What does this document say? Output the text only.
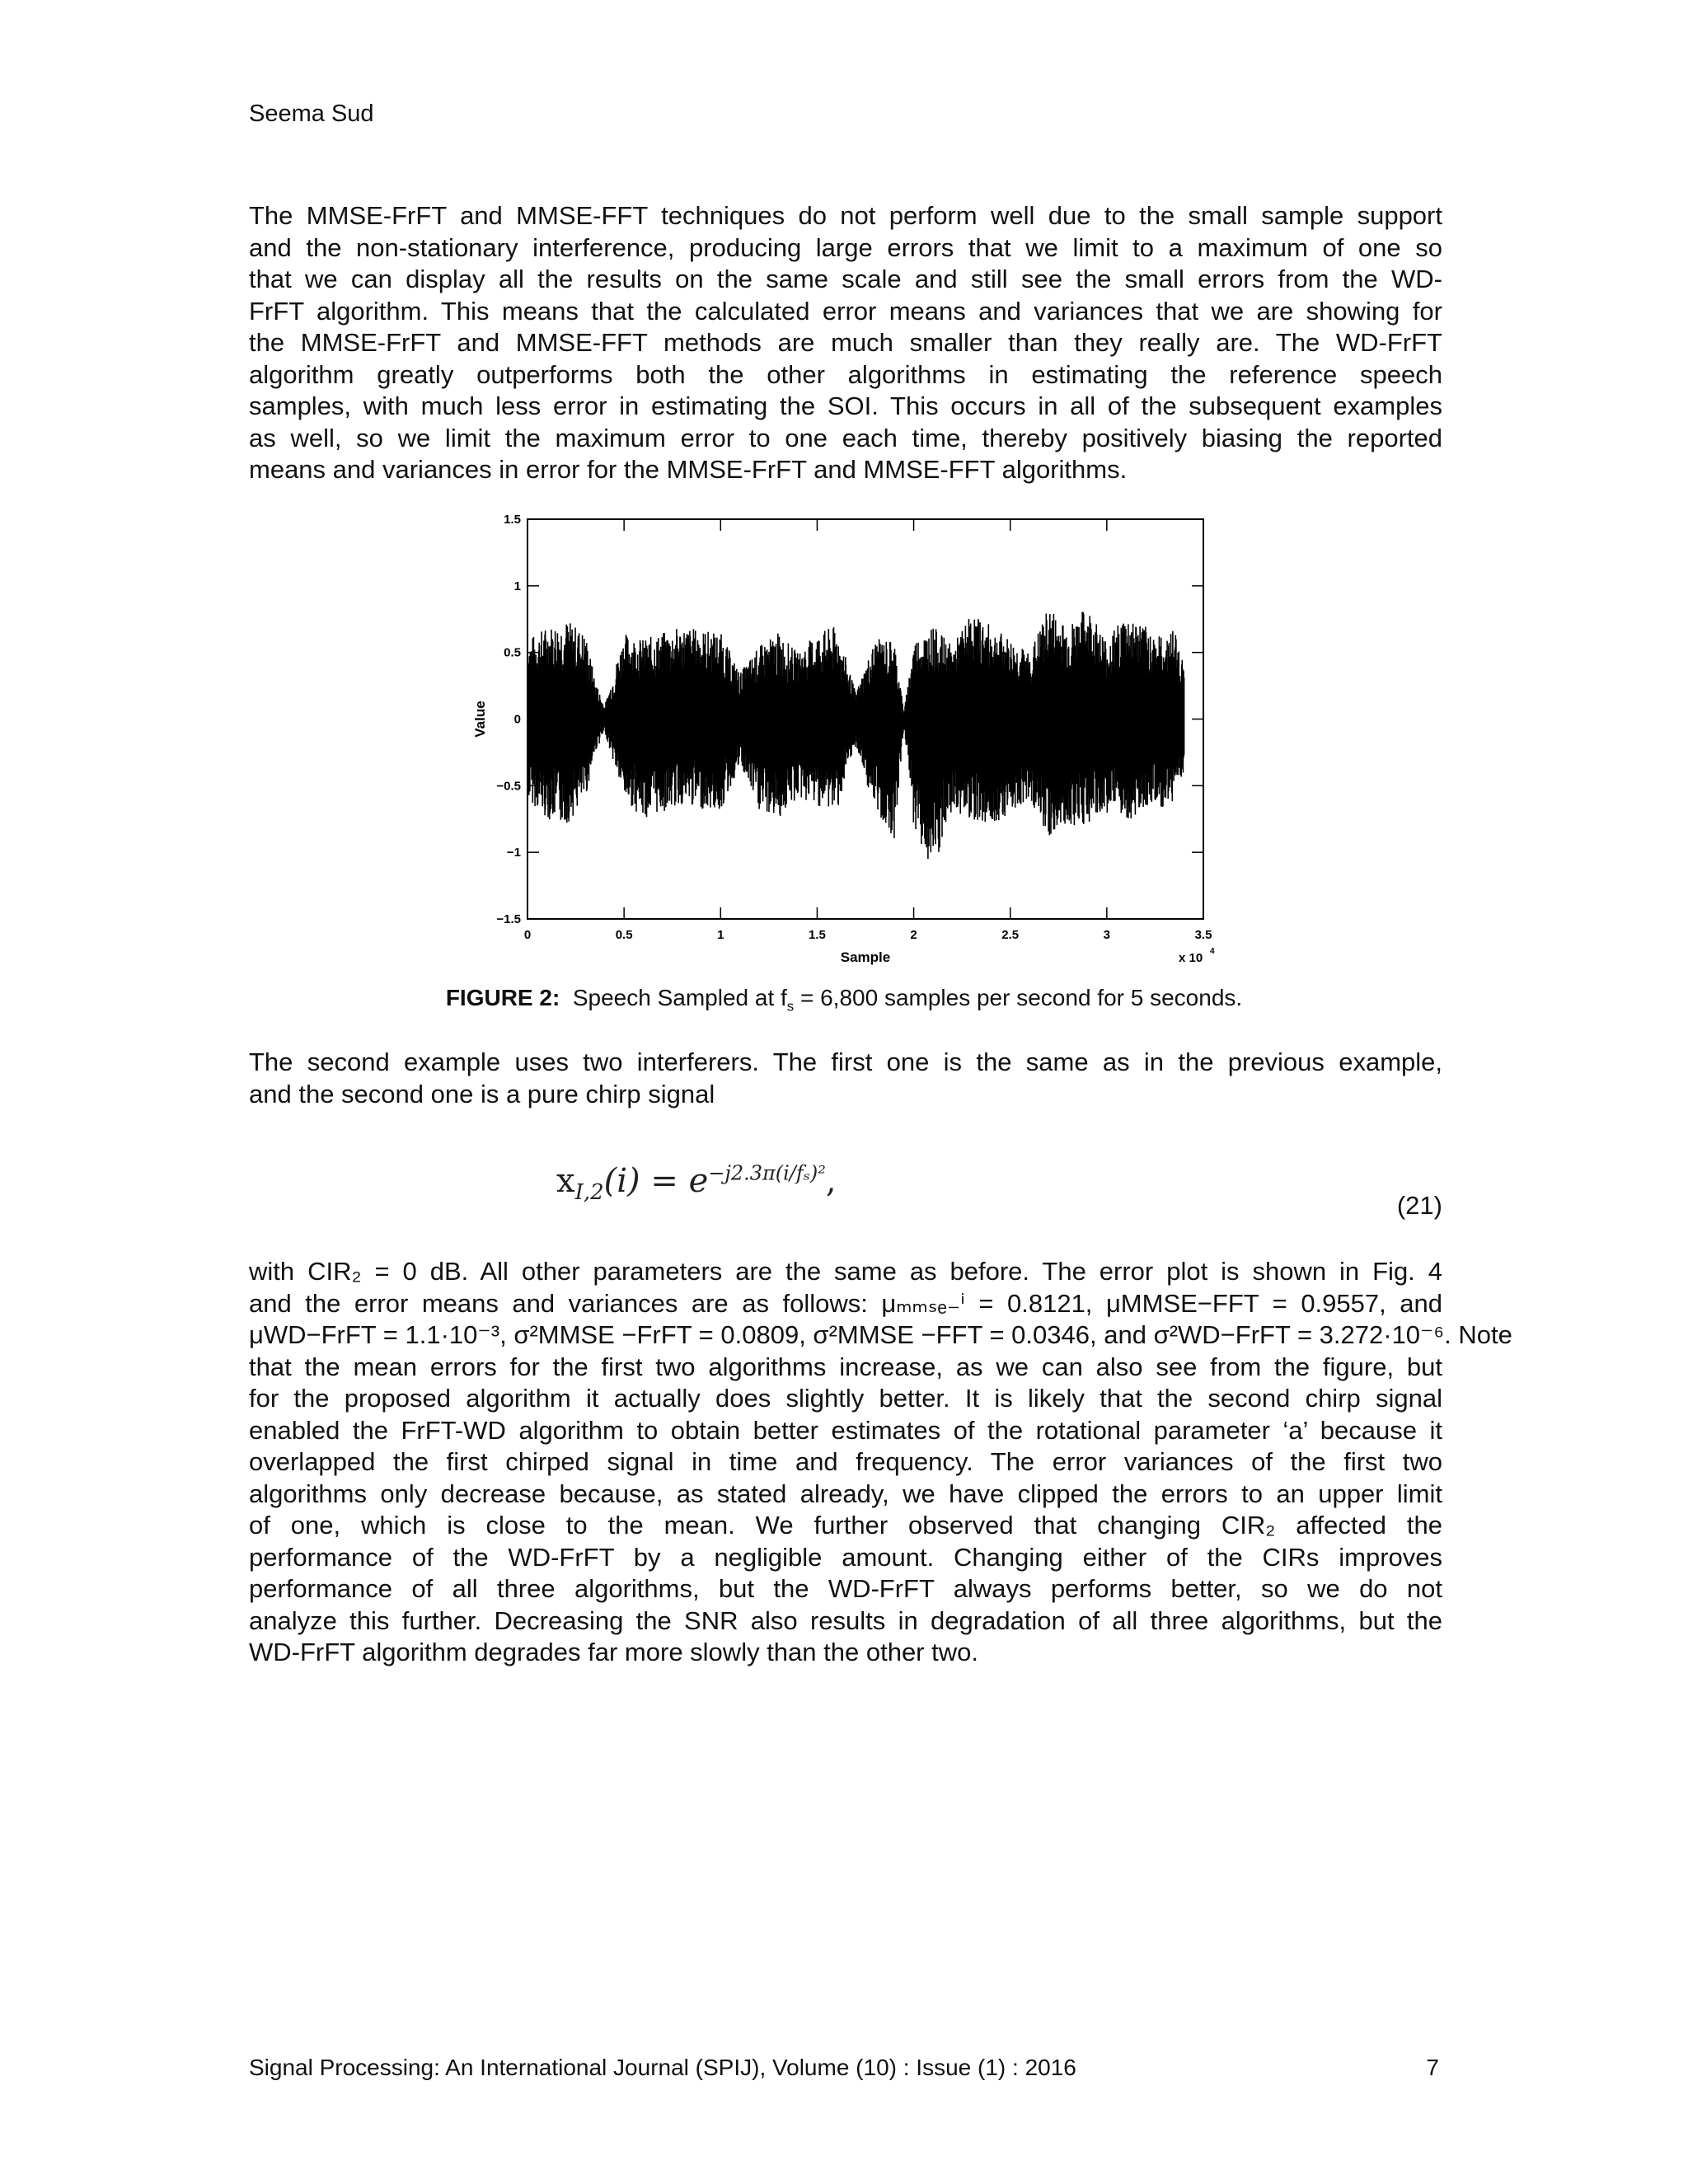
Seema Sud
The MMSE-FrFT and MMSE-FFT techniques do not perform well due to the small sample support
and the non-stationary interference, producing large errors that we limit to a maximum of one so
that we can display all the results on the same scale and still see the small errors from the WD-
FrFT algorithm. This means that the calculated error means and variances that we are showing for
the MMSE-FrFT and MMSE-FFT methods are much smaller than they really are. The WD-FrFT
algorithm greatly outperforms both the other algorithms in estimating the reference speech
samples, with much less error in estimating the SOI. This occurs in all of the subsequent examples
as well, so we limit the maximum error to one each time, thereby positively biasing the reported
means and variances in error for the MMSE-FrFT and MMSE-FFT algorithms.
0	0.5	1	1.5	2	2.5	3	3.5
1.5
1
0.5
0
−0.5
−1
−1.5
Sample
Value
x 10 4
FIGURE 2: Speech Sampled at $f_s = 6,800$ samples per second for 5 seconds.
The second example uses two interferers. The first one is the same as in the previous example,
and the second one is a pure chirp signal
$x_{I,2}(i) = e^{-j2.3\pi(i/f_s)^2}$,
(21)
with CIR₂ = 0 dB. All other parameters are the same as before. The error plot is shown in Fig. 4
and the error means and variances are as follows: μₘₘₛₑ₋ⁱ = 0.8121, μMMSE−FFT = 0.9557, and
μWD−FrFT = 1.1·10⁻³, σ²MMSE −FrFT = 0.0809, σ²MMSE −FFT = 0.0346, and σ²WD−FrFT = 3.272·10⁻⁶. Note
that the mean errors for the first two algorithms increase, as we can also see from the figure, but
for the proposed algorithm it actually does slightly better. It is likely that the second chirp signal
enabled the FrFT-WD algorithm to obtain better estimates of the rotational parameter ‘a’ because it
overlapped the first chirped signal in time and frequency. The error variances of the first two
algorithms only decrease because, as stated already, we have clipped the errors to an upper limit
of one, which is close to the mean. We further observed that changing CIR₂ affected the
performance of the WD-FrFT by a negligible amount. Changing either of the CIRs improves
performance of all three algorithms, but the WD-FrFT always performs better, so we do not
analyze this further. Decreasing the SNR also results in degradation of all three algorithms, but the
WD-FrFT algorithm degrades far more slowly than the other two.
Signal Processing: An International Journal (SPIJ), Volume (10) : Issue (1) : 2016	7
